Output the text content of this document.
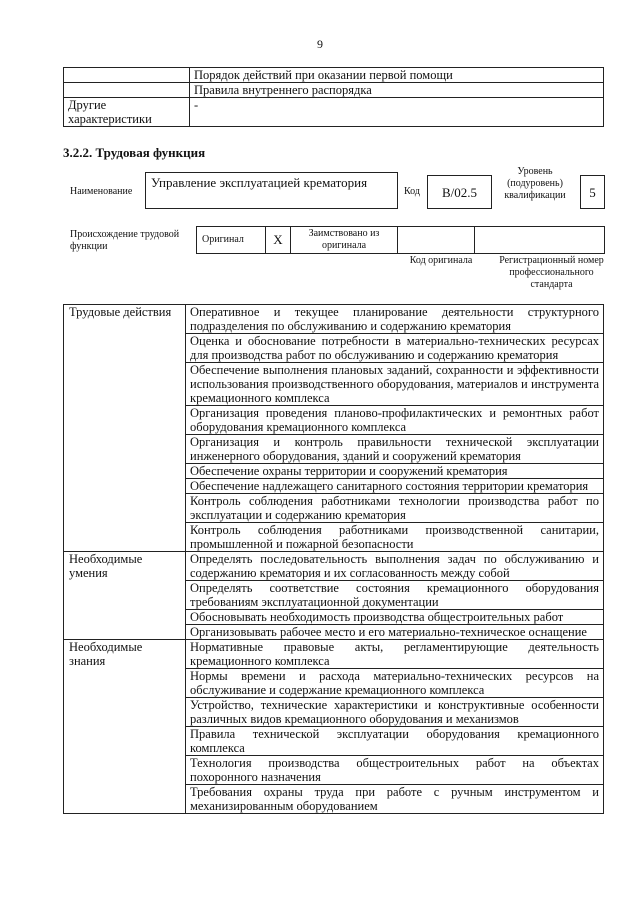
9
	Порядок действий при оказании первой помощи
	Правила внутреннего распорядка
Другие характеристики	-
3.2.2. Трудовая функция
Наименование
Управление эксплуатацией крематория
Код	В/02.5
Уровень (подуровень) квалификации	5
Происхождение трудовой функции
Оригинал	X	Заимствовано из оригинала		
Код оригинала	Регистрационный номер профессионального стандарта
Трудовые действия	Оперативное и текущее планирование деятельности структурного подразделения по обслуживанию и содержанию крематория
	Оценка и обоснование потребности в материально-технических ресурсах для производства работ по обслуживанию и содержанию крематория
	Обеспечение выполнения плановых заданий, сохранности и эффективности использования производственного оборудования, материалов и инструмента кремационного комплекса
	Организация проведения планово-профилактических и ремонтных работ оборудования кремационного комплекса
	Организация и контроль правильности технической эксплуатации инженерного оборудования, зданий и сооружений крематория
	Обеспечение охраны территории и сооружений крематория
	Обеспечение надлежащего санитарного состояния территории крематория
	Контроль соблюдения работниками технологии производства работ по эксплуатации и содержанию крематория
	Контроль соблюдения работниками производственной санитарии, промышленной и пожарной безопасности
Необходимые умения	Определять последовательность выполнения задач по обслуживанию и содержанию крематория и их согласованность между собой
	Определять соответствие состояния кремационного оборудования требованиям эксплуатационной документации
	Обосновывать необходимость производства общестроительных работ
	Организовывать рабочее место и его материально-техническое оснащение
Необходимые знания	Нормативные правовые акты, регламентирующие деятельность кремационного комплекса
	Нормы времени и расхода материально-технических ресурсов на обслуживание и содержание кремационного комплекса
	Устройство, технические характеристики и конструктивные особенности различных видов кремационного оборудования и механизмов
	Правила технической эксплуатации оборудования кремационного комплекса
	Технология производства общестроительных работ на объектах похоронного назначения
	Требования охраны труда при работе с ручным инструментом и механизированным оборудованием
